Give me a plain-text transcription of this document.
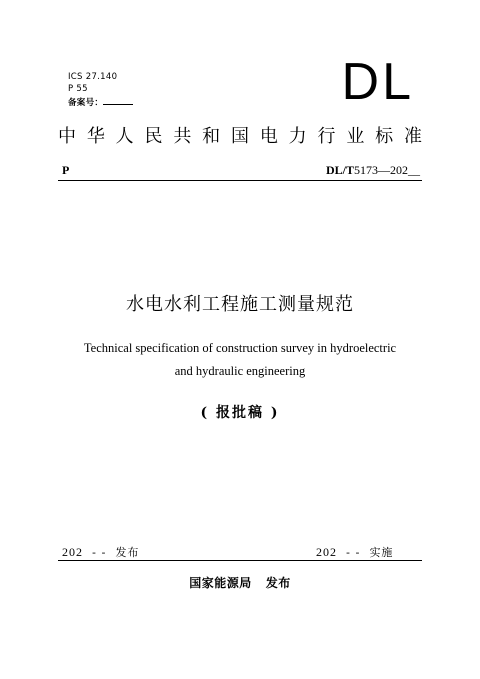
ICS 27.140
P 55
备案号：	DL
中华人民共和国电力行业标准
P	DL/T5173—202__
水电水利工程施工测量规范
Technical specification of construction survey in hydroelectric
and hydraulic engineering
( 报批稿 )
202 - - 发布	202 - - 实施
国家能源局   发布
